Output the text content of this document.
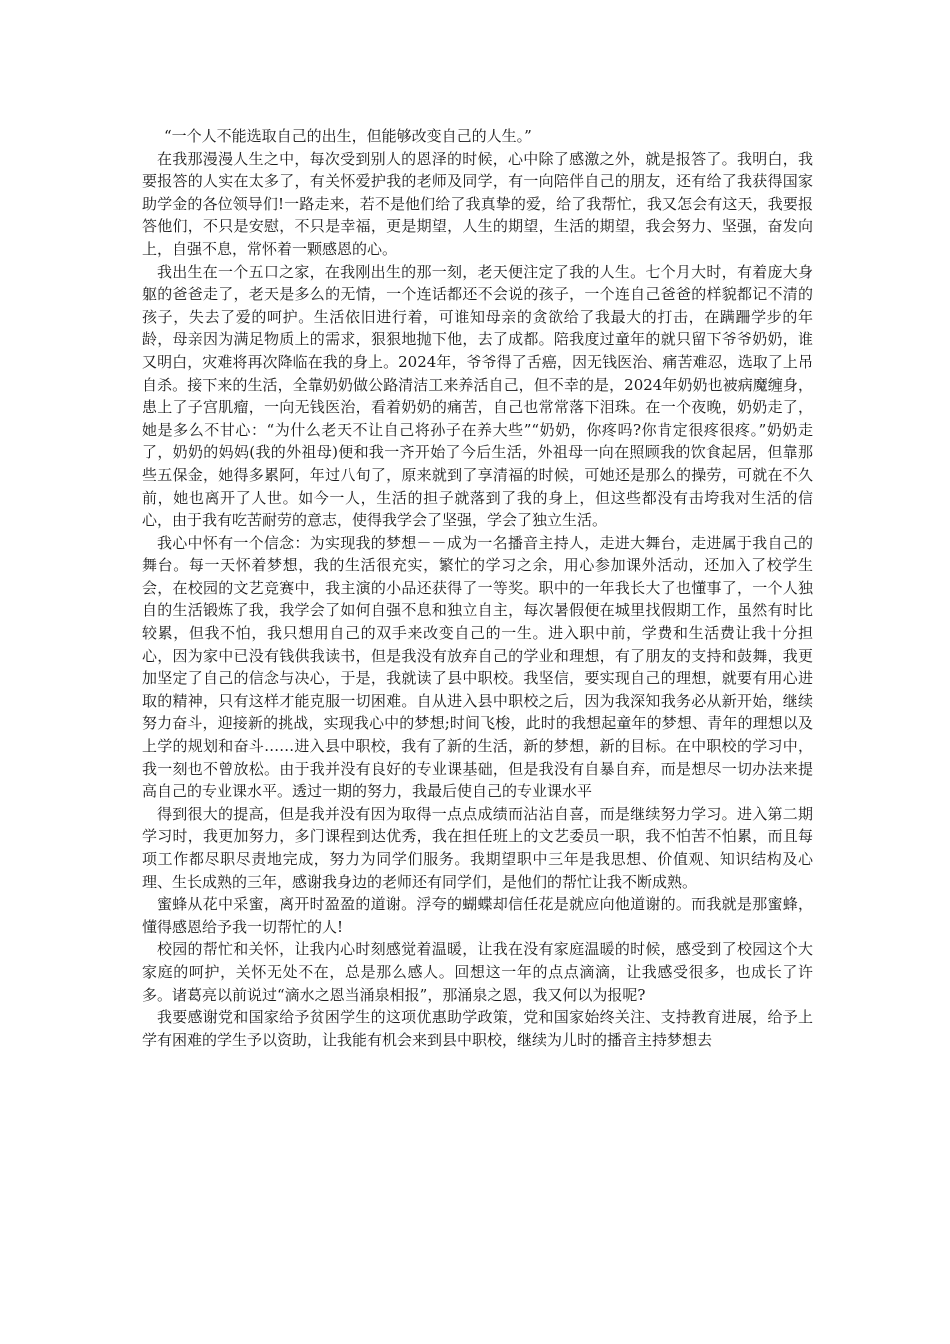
“一个人不能选取自己的出生，但能够改变自己的人生。”

在我那漫漫人生之中，每次受到别人的恩泽的时候，心中除了感激之外，就是报答了。我明白，我要报答的人实在太多了，有关怀爱护我的老师及同学，有一向陪伴自己的朋友，还有给了我获得国家助学金的各位领导们!一路走来，若不是他们给了我真挚的爱，给了我帮忙，我又怎会有这天，我要报答他们，不只是安慰，不只是幸福，更是期望，人生的期望，生活的期望，我会努力、坚强，奋发向上，自强不息，常怀着一颗感恩的心。

我出生在一个五口之家，在我刚出生的那一刻，老天便注定了我的人生。七个月大时，有着庞大身躯的爸爸走了，老天是多么的无情，一个连话都还不会说的孩子，一个连自己爸爸的样貌都记不清的孩子，失去了爱的呵护。生活依旧进行着，可谁知母亲的贪欲给了我最大的打击，在蹒跚学步的年龄，母亲因为满足物质上的需求，狠狠地抛下他，去了成都。陪我度过童年的就只留下爷爷奶奶，谁又明白，灾难将再次降临在我的身上。2024年，爷爷得了舌癌，因无钱医治、痛苦难忍，选取了上吊自杀。接下来的生活，全靠奶奶做公路清洁工来养活自己，但不幸的是，2024年奶奶也被病魔缠身，患上了子宫肌瘤，一向无钱医治，看着奶奶的痛苦，自己也常常落下泪珠。在一个夜晚，奶奶走了，她是多么不甘心：“为什么老天不让自己将孙子在养大些”“奶奶，你疼吗?你肯定很疼很疼。”奶奶走了，奶奶的妈妈(我的外祖母)便和我一齐开始了今后生活，外祖母一向在照顾我的饮食起居，但靠那些五保金，她得多累阿，年过八旬了，原来就到了享清福的时候，可她还是那么的操劳，可就在不久前，她也离开了人世。如今一人，生活的担子就落到了我的身上，但这些都没有击垮我对生活的信心，由于我有吃苦耐劳的意志，使得我学会了坚强，学会了独立生活。

我心中怀有一个信念：为实现我的梦想－－成为一名播音主持人，走进大舞台，走进属于我自己的舞台。每一天怀着梦想，我的生活很充实，繁忙的学习之余，用心参加课外活动，还加入了校学生会，在校园的文艺竞赛中，我主演的小品还获得了一等奖。职中的一年我长大了也懂事了，一个人独自的生活锻炼了我，我学会了如何自强不息和独立自主，每次暑假便在城里找假期工作，虽然有时比较累，但我不怕，我只想用自己的双手来改变自己的一生。进入职中前，学费和生活费让我十分担心，因为家中已没有钱供我读书，但是我没有放弃自己的学业和理想，有了朋友的支持和鼓舞，我更加坚定了自己的信念与决心，于是，我就读了县中职校。我坚信，要实现自己的理想，就要有用心进取的精神，只有这样才能克服一切困难。自从进入县中职校之后，因为我深知我务必从新开始，继续努力奋斗，迎接新的挑战，实现我心中的梦想;时间飞梭，此时的我想起童年的梦想、青年的理想以及上学的规划和奋斗……进入县中职校，我有了新的生活，新的梦想，新的目标。在中职校的学习中，我一刻也不曾放松。由于我并没有良好的专业课基础，但是我没有自暴自弃，而是想尽一切办法来提高自己的专业课水平。透过一期的努力，我最后使自己的专业课水平

得到很大的提高，但是我并没有因为取得一点点成绩而沾沾自喜，而是继续努力学习。进入第二期学习时，我更加努力，多门课程到达优秀，我在担任班上的文艺委员一职，我不怕苦不怕累，而且每项工作都尽职尽责地完成，努力为同学们服务。我期望职中三年是我思想、价值观、知识结构及心理、生长成熟的三年，感谢我身边的老师还有同学们，是他们的帮忙让我不断成熟。

蜜蜂从花中采蜜，离开时盈盈的道谢。浮夸的蝴蝶却信任花是就应向他道谢的。而我就是那蜜蜂，懂得感恩给予我一切帮忙的人!

校园的帮忙和关怀，让我内心时刻感觉着温暖，让我在没有家庭温暖的时候，感受到了校园这个大家庭的呵护，关怀无处不在，总是那么感人。回想这一年的点点滴滴，让我感受很多，也成长了许多。诸葛亮以前说过“滴水之恩当涌泉相报”，那涌泉之恩，我又何以为报呢?

我要感谢党和国家给予贫困学生的这项优惠助学政策，党和国家始终关注、支持教育进展，给予上学有困难的学生予以资助，让我能有机会来到县中职校，继续为儿时的播音主持梦想去
